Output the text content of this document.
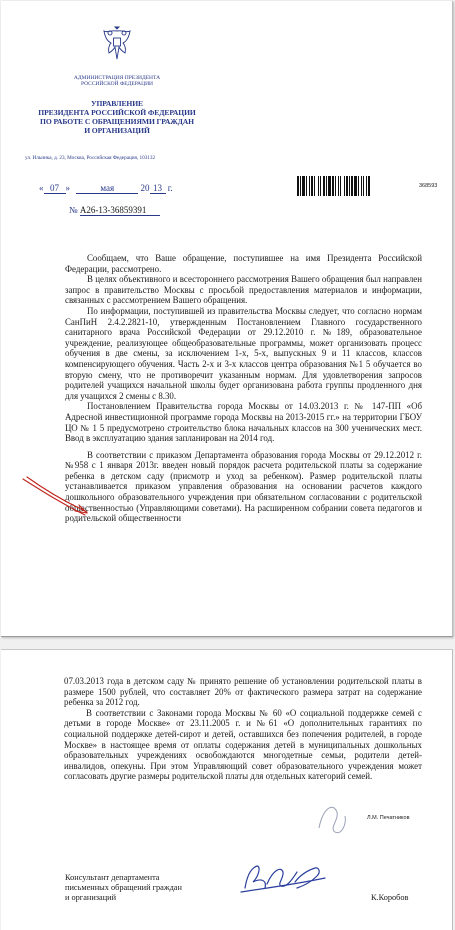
АДМИНИСТРАЦИЯ ПРЕЗИДЕНТА
РОССИЙСКОЙ ФЕДЕРАЦИИ
УПРАВЛЕНИЕ
ПРЕЗИДЕНТА РОССИЙСКОЙ ФЕДЕРАЦИИ
ПО РАБОТЕ С ОБРАЩЕНИЯМИ ГРАЖДАН
И ОРГАНИЗАЦИЙ
ул. Ильинка, д. 23, Москва, Российская Федерация, 103132
« 07 »	мая	20 13 г.
№ А26-13-36859391
368593

Сообщаем, что Ваше обращение, поступившее на имя Президента Российской Федерации, рассмотрено.

В целях объективного и всестороннего рассмотрения Вашего обращения был направлен запрос в правительство Москвы с просьбой предоставления материалов и информации, связанных с рассмотрением Вашего обращения.

По информации, поступившей из правительства Москвы следует, что согласно нормам СанПиН 2.4.2.2821-10, утвержденным Постановлением Главного государственного санитарного врача Российской Федерации от 29.12.2010 г. №189, образовательное учреждение, реализующее общеобразовательные программы, может организовать процесс обучения в две смены, за исключением 1-х, 5-х, выпускных 9 и 11 классов, классов компенсирующего обучения. Часть 2-х и 3-х классов центра образования №1 5 обучается во вторую смену, что не противоречит указанным нормам. Для удовлетворения запросов родителей учащихся начальной школы будет организована работа группы продленного дня для учащихся 2 смены с 8.30.

Постановлением Правительства города Москвы от 14.03.2013 г. № 147-ПП «Об Адресной инвестиционной программе города Москвы на 2013-2015 гг.» на территории ГБОУ ЦО № 1 5 предусмотрено строительство блока начальных классов на 300 ученических мест. Ввод в эксплуатацию здания запланирован на 2014 год.

В соответствии с приказом Департамента образования города Москвы от 29.12.2012 г. №958 с 1 января 2013г. введен новый порядок расчета родительской платы за содержание ребенка в детском саду (присмотр и уход за ребенком). Размер родительской платы устанавливается приказом управления образования на основании расчетов каждого дошкольного образовательного учреждения при обязательном согласовании с родительской общественностью (Управляющими советами). На расширенном собрании совета педагогов и родительской общественности

07.03.2013 года в детском саду № принято решение об установлении родительской платы в размере 1500 рублей, что составляет 20% от фактического размера затрат на содержание ребенка за 2012 год.

В соответствии с Законами города Москвы № 60 «О социальной поддержке семей с детьми в городе Москве» от 23.11.2005 г. и №61 «О дополнительных гарантиях по социальной поддержке детей-сирот и детей, оставшихся без попечения родителей, в городе Москве» в настоящее время от оплаты содержания детей в муниципальных дошкольных образовательных учреждениях освобождаются многодетные семьи, родители детей- инвалидов, опекуны. При этом Управляющий совет образовательного учреждения может согласовать другие размеры родительской платы для отдельных категорий семей.

Л.М. Печатников
Консультант департамента
письменных обращений граждан
и организаций	К.Коробов
